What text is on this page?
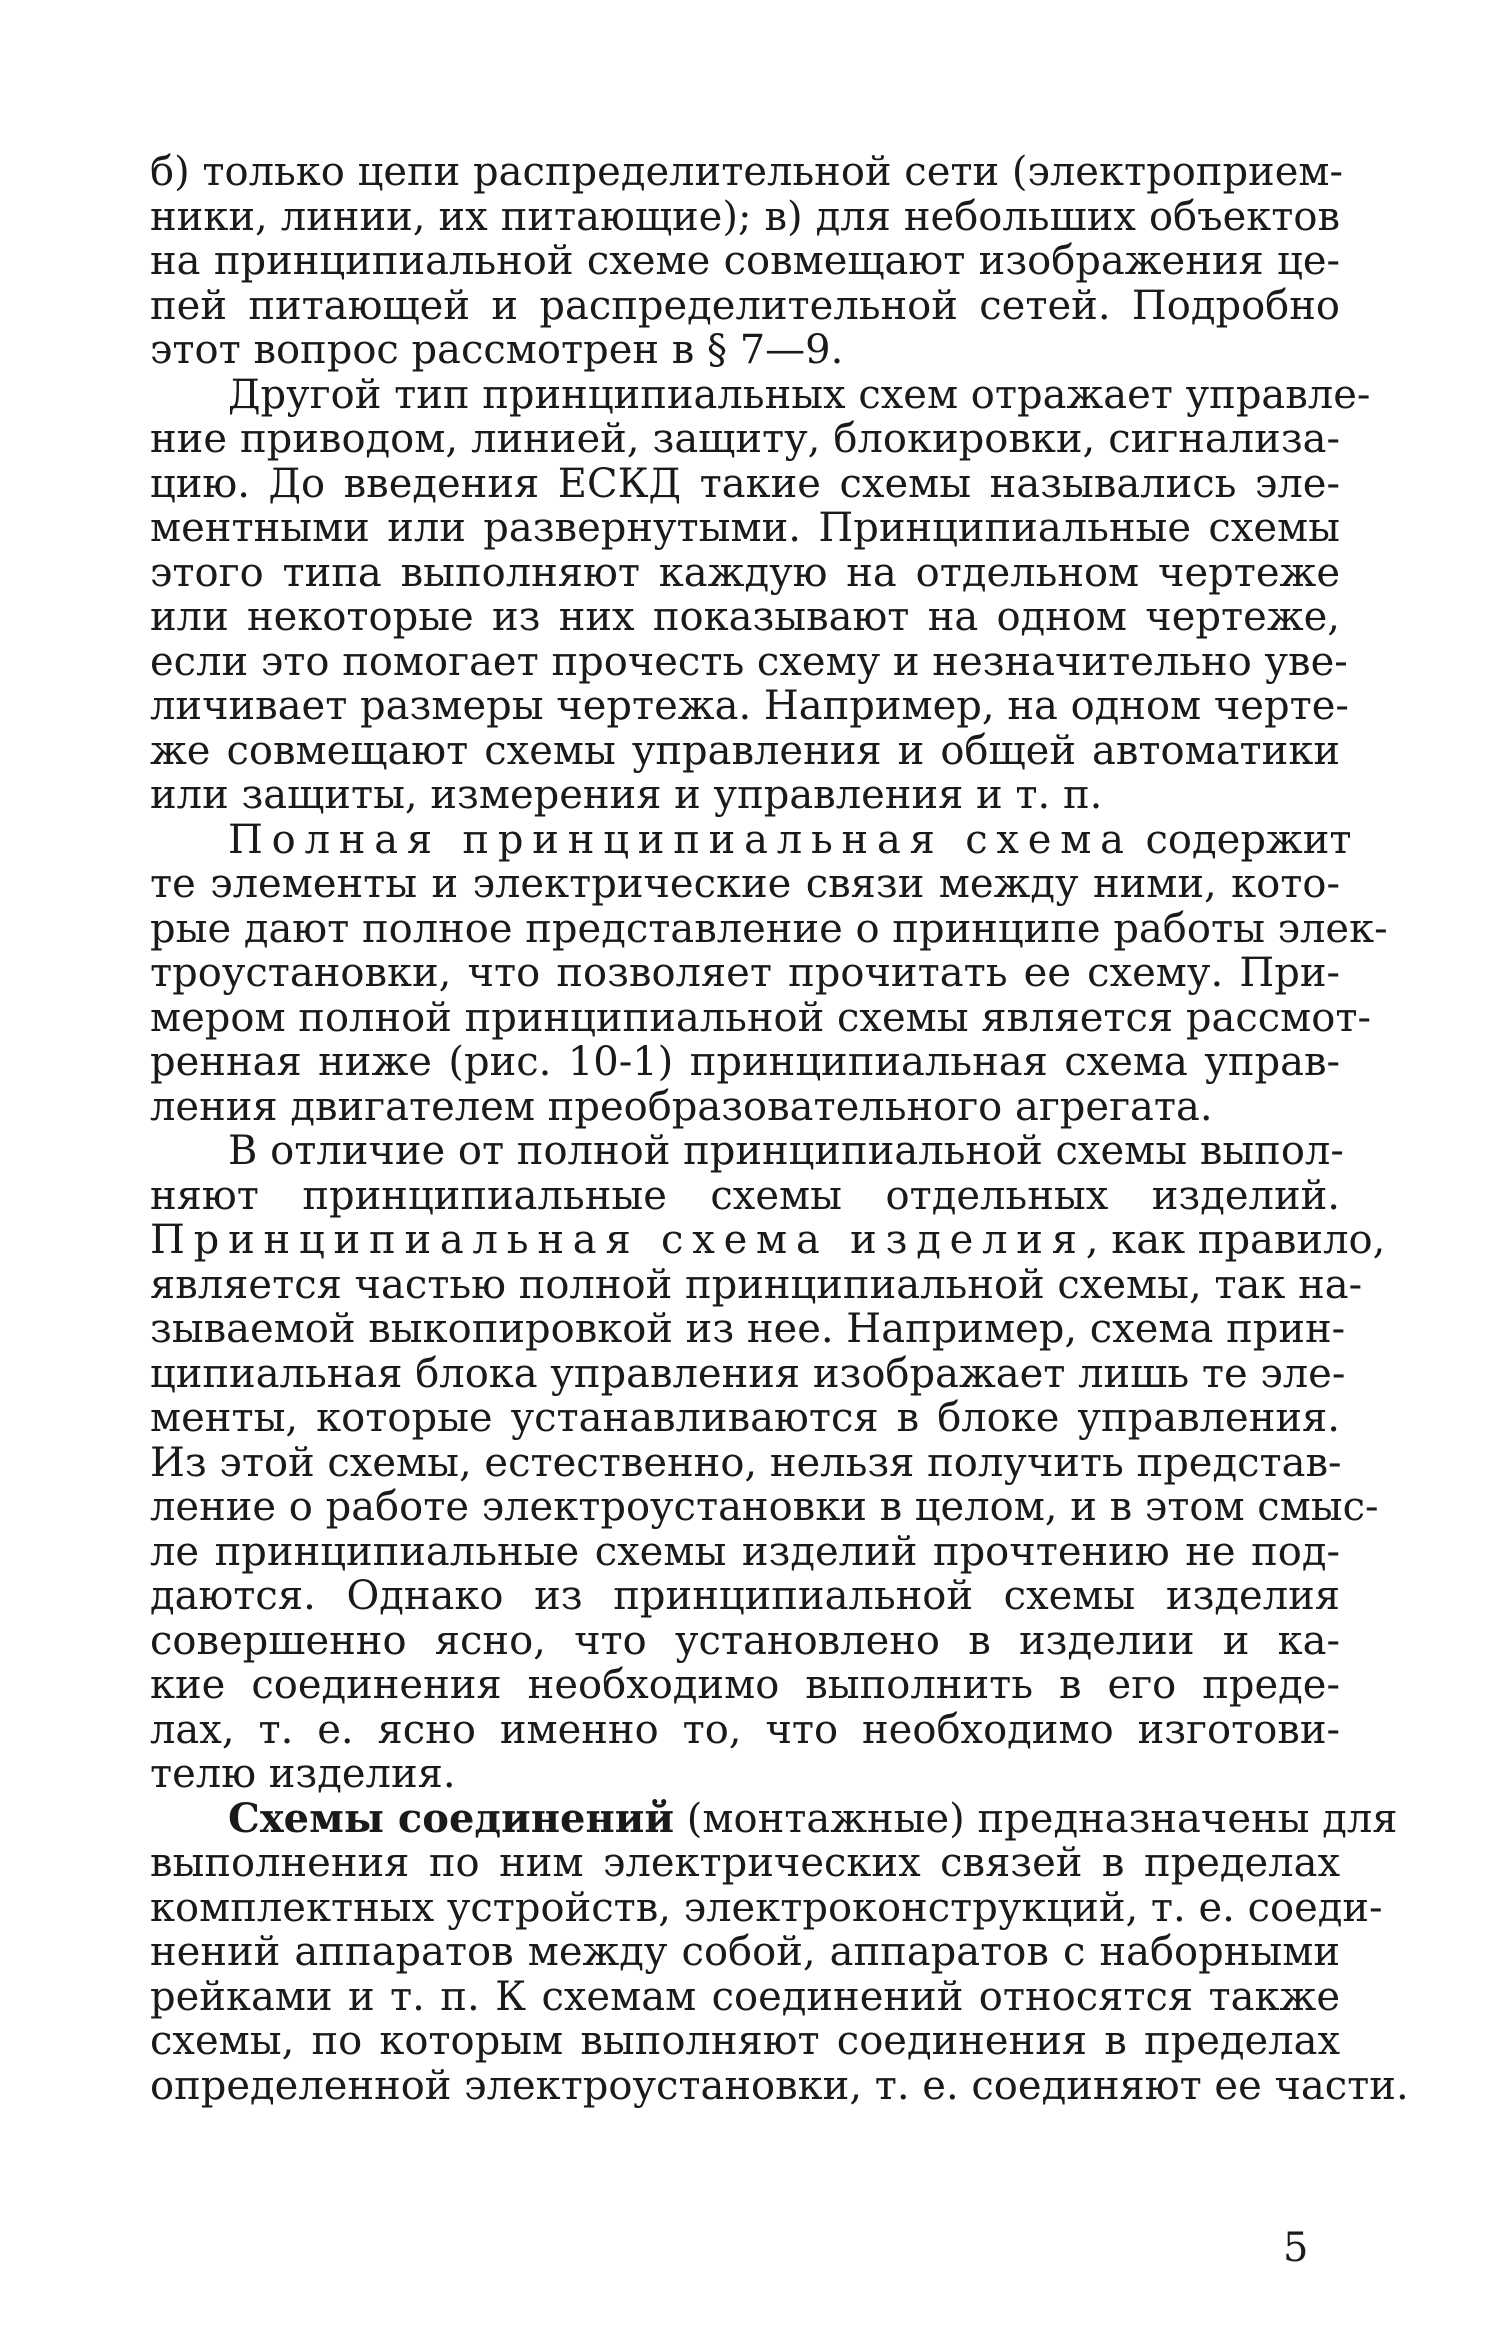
б) только цепи распределительной сети (электроприем-
ники, линии, их питающие); в) для небольших объектов
на принципиальной схеме совмещают изображения це-
пей питающей и распределительной сетей. Подробно
этот вопрос рассмотрен в § 7—9.
Другой тип принципиальных схем отражает управле-
ние приводом, линией, защиту, блокировки, сигнализа-
цию. До введения ЕСКД такие схемы назывались эле-
ментными или развернутыми. Принципиальные схемы
этого типа выполняют каждую на отдельном чертеже
или некоторые из них показывают на одном чертеже,
если это помогает прочесть схему и незначительно уве-
личивает размеры чертежа. Например, на одном черте-
же совмещают схемы управления и общей автоматики
или защиты, измерения и управления и т. п.
Полная принципиальная схема содержит
те элементы и электрические связи между ними, кото-
рые дают полное представление о принципе работы элек-
троустановки, что позволяет прочитать ее схему. При-
мером полной принципиальной схемы является рассмот-
ренная ниже (рис. 10-1) принципиальная схема управ-
ления двигателем преобразовательного агрегата.
В отличие от полной принципиальной схемы выпол-
няют принципиальные схемы отдельных изделий.
Принципиальная схема изделия, как правило,
является частью полной принципиальной схемы, так на-
зываемой выкопировкой из нее. Например, схема прин-
ципиальная блока управления изображает лишь те эле-
менты, которые устанавливаются в блоке управления.
Из этой схемы, естественно, нельзя получить представ-
ление о работе электроустановки в целом, и в этом смыс-
ле принципиальные схемы изделий прочтению не под-
даются. Однако из принципиальной схемы изделия
совершенно ясно, что установлено в изделии и ка-
кие соединения необходимо выполнить в его преде-
лах, т. е. ясно именно то, что необходимо изготови-
телю изделия.
Схемы соединений (монтажные) предназначены для
выполнения по ним электрических связей в пределах
комплектных устройств, электроконструкций, т. е. соеди-
нений аппаратов между собой, аппаратов с наборными
рейками и т. п. К схемам соединений относятся также
схемы, по которым выполняют соединения в пределах
определенной электроустановки, т. е. соединяют ее части.
5
